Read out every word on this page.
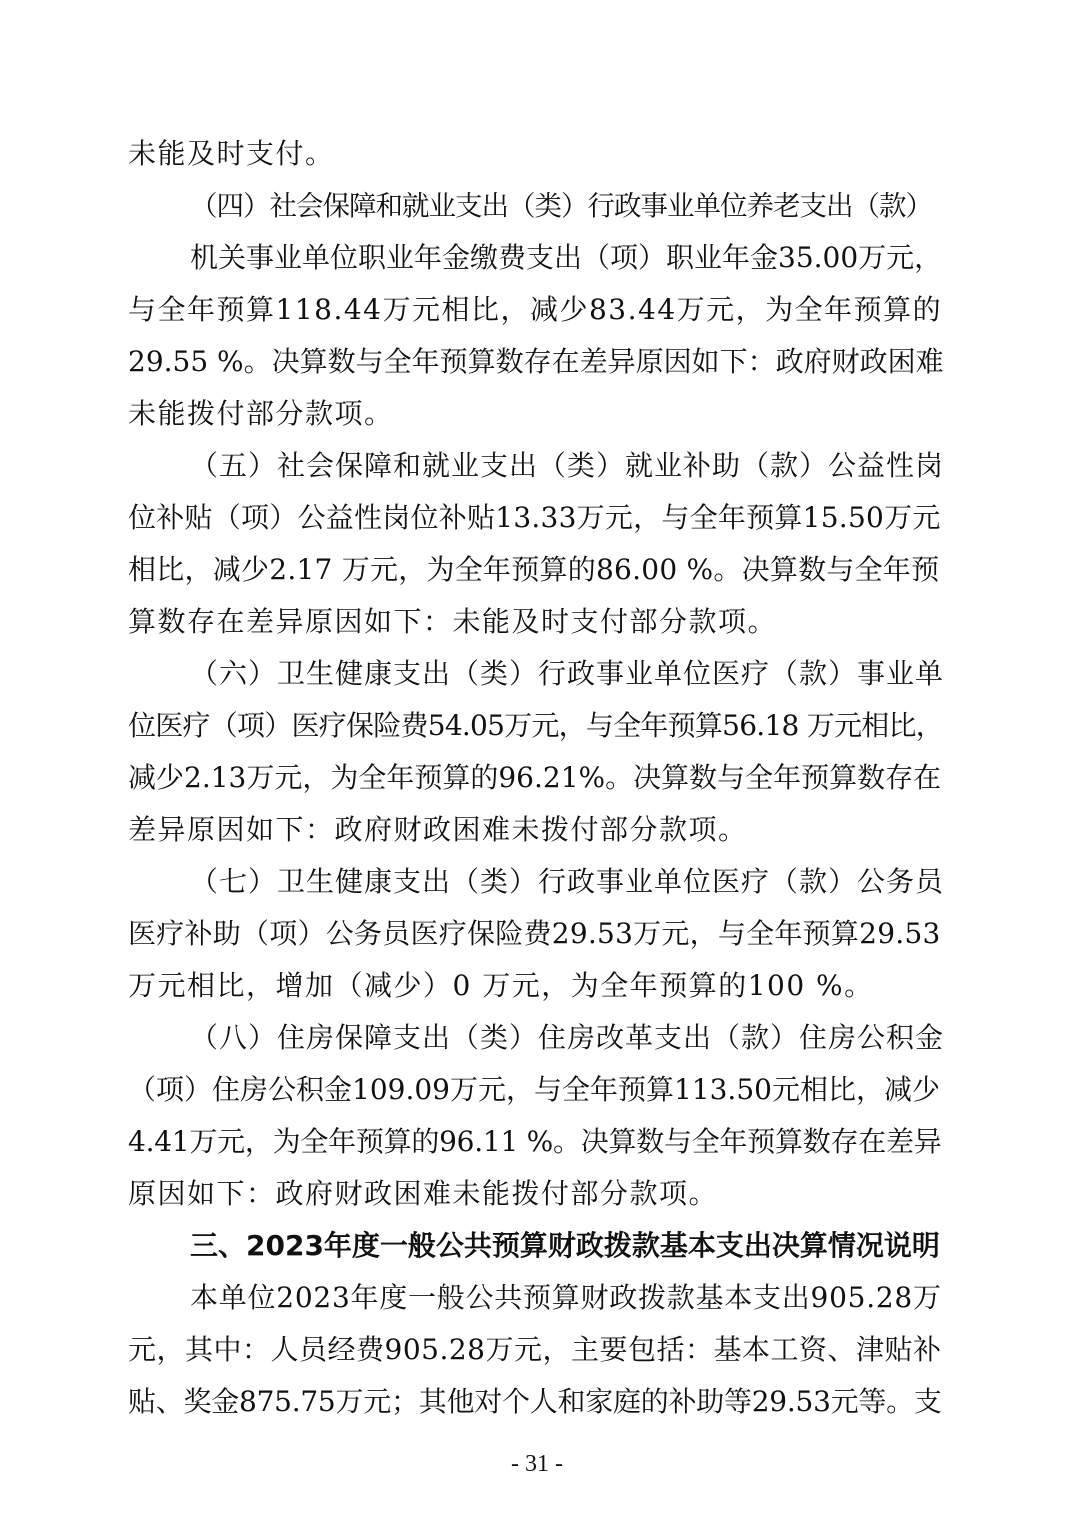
未能及时支付。
（四）社会保障和就业支出（类）行政事业单位养老支出（款）
机关事业单位职业年金缴费支出（项）职业年金35.00万元，
与全年预算118.44万元相比，减少83.44万元，为全年预算的
29.55 %。决算数与全年预算数存在差异原因如下：政府财政困难
未能拨付部分款项。
（五）社会保障和就业支出（类）就业补助（款）公益性岗
位补贴（项）公益性岗位补贴13.33万元，与全年预算15.50万元
相比，减少2.17 万元，为全年预算的86.00 %。决算数与全年预
算数存在差异原因如下：未能及时支付部分款项。
（六）卫生健康支出（类）行政事业单位医疗（款）事业单
位医疗（项）医疗保险费54.05万元，与全年预算56.18 万元相比，
减少2.13万元，为全年预算的96.21%。决算数与全年预算数存在
差异原因如下：政府财政困难未拨付部分款项。
（七）卫生健康支出（类）行政事业单位医疗（款）公务员
医疗补助（项）公务员医疗保险费29.53万元，与全年预算29.53
万元相比，增加（减少）0 万元，为全年预算的100 %。
（八）住房保障支出（类）住房改革支出（款）住房公积金
（项）住房公积金109.09万元，与全年预算113.50元相比，减少
4.41万元，为全年预算的96.11 %。决算数与全年预算数存在差异
原因如下：政府财政困难未能拨付部分款项。
三、2023年度一般公共预算财政拨款基本支出决算情况说明
本单位2023年度一般公共预算财政拨款基本支出905.28万
元，其中：人员经费905.28万元，主要包括：基本工资、津贴补
贴、奖金875.75万元；其他对个人和家庭的补助等29.53元等。支
- 31 -
